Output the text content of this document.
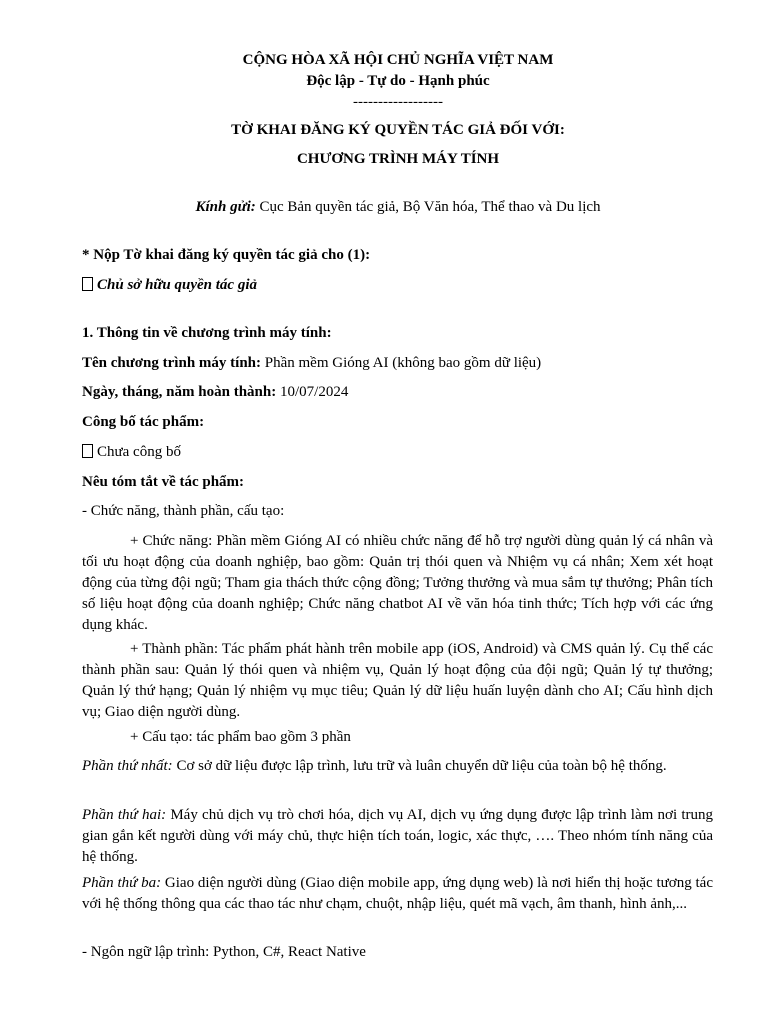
CỘNG HÒA XÃ HỘI CHỦ NGHĨA VIỆT NAM
Độc lập - Tự do - Hạnh phúc
------------------
TỜ KHAI ĐĂNG KÝ QUYỀN TÁC GIẢ ĐỐI VỚI:
CHƯƠNG TRÌNH MÁY TÍNH
Kính gửi: Cục Bản quyền tác giả, Bộ Văn hóa, Thể thao và Du lịch
* Nộp Tờ khai đăng ký quyền tác giả cho (1):
Chủ sở hữu quyền tác giả
1. Thông tin về chương trình máy tính:
Tên chương trình máy tính: Phần mềm Gióng AI (không bao gồm dữ liệu)
Ngày, tháng, năm hoàn thành: 10/07/2024
Công bố tác phẩm:
Chưa công bố
Nêu tóm tắt về tác phẩm:
- Chức năng, thành phần, cấu tạo:
+ Chức năng: Phần mềm Gióng AI có nhiều chức năng để hỗ trợ người dùng quản lý cá nhân và tối ưu hoạt động của doanh nghiệp, bao gồm: Quản trị thói quen và Nhiệm vụ cá nhân; Xem xét hoạt động của từng đội ngũ; Tham gia thách thức cộng đồng; Tưởng thưởng và mua sắm tự thưởng; Phân tích số liệu hoạt động của doanh nghiệp; Chức năng chatbot AI về văn hóa tinh thức; Tích hợp với các ứng dụng khác.
+ Thành phần: Tác phẩm phát hành trên mobile app (iOS, Android) và CMS quản lý. Cụ thể các thành phần sau: Quản lý thói quen và nhiệm vụ, Quản lý hoạt động của đội ngũ; Quản lý tự thưởng; Quản lý thứ hạng; Quản lý nhiệm vụ mục tiêu; Quản lý dữ liệu huấn luyện dành cho AI; Cấu hình dịch vụ; Giao diện người dùng.
+ Cấu tạo: tác phẩm bao gồm 3 phần
Phần thứ nhất: Cơ sở dữ liệu được lập trình, lưu trữ và luân chuyển dữ liệu của toàn bộ hệ thống.
Phần thứ hai: Máy chủ dịch vụ trò chơi hóa, dịch vụ AI, dịch vụ ứng dụng được lập trình làm nơi trung gian gắn kết người dùng với máy chủ, thực hiện tích toán, logic, xác thực, …. Theo nhóm tính năng của hệ thống.
Phần thứ ba: Giao diện người dùng (Giao diện mobile app, ứng dụng web) là nơi hiển thị hoặc tương tác với hệ thống thông qua các thao tác như chạm, chuột, nhập liệu, quét mã vạch, âm thanh, hình ảnh,...
- Ngôn ngữ lập trình: Python, C#, React Native
